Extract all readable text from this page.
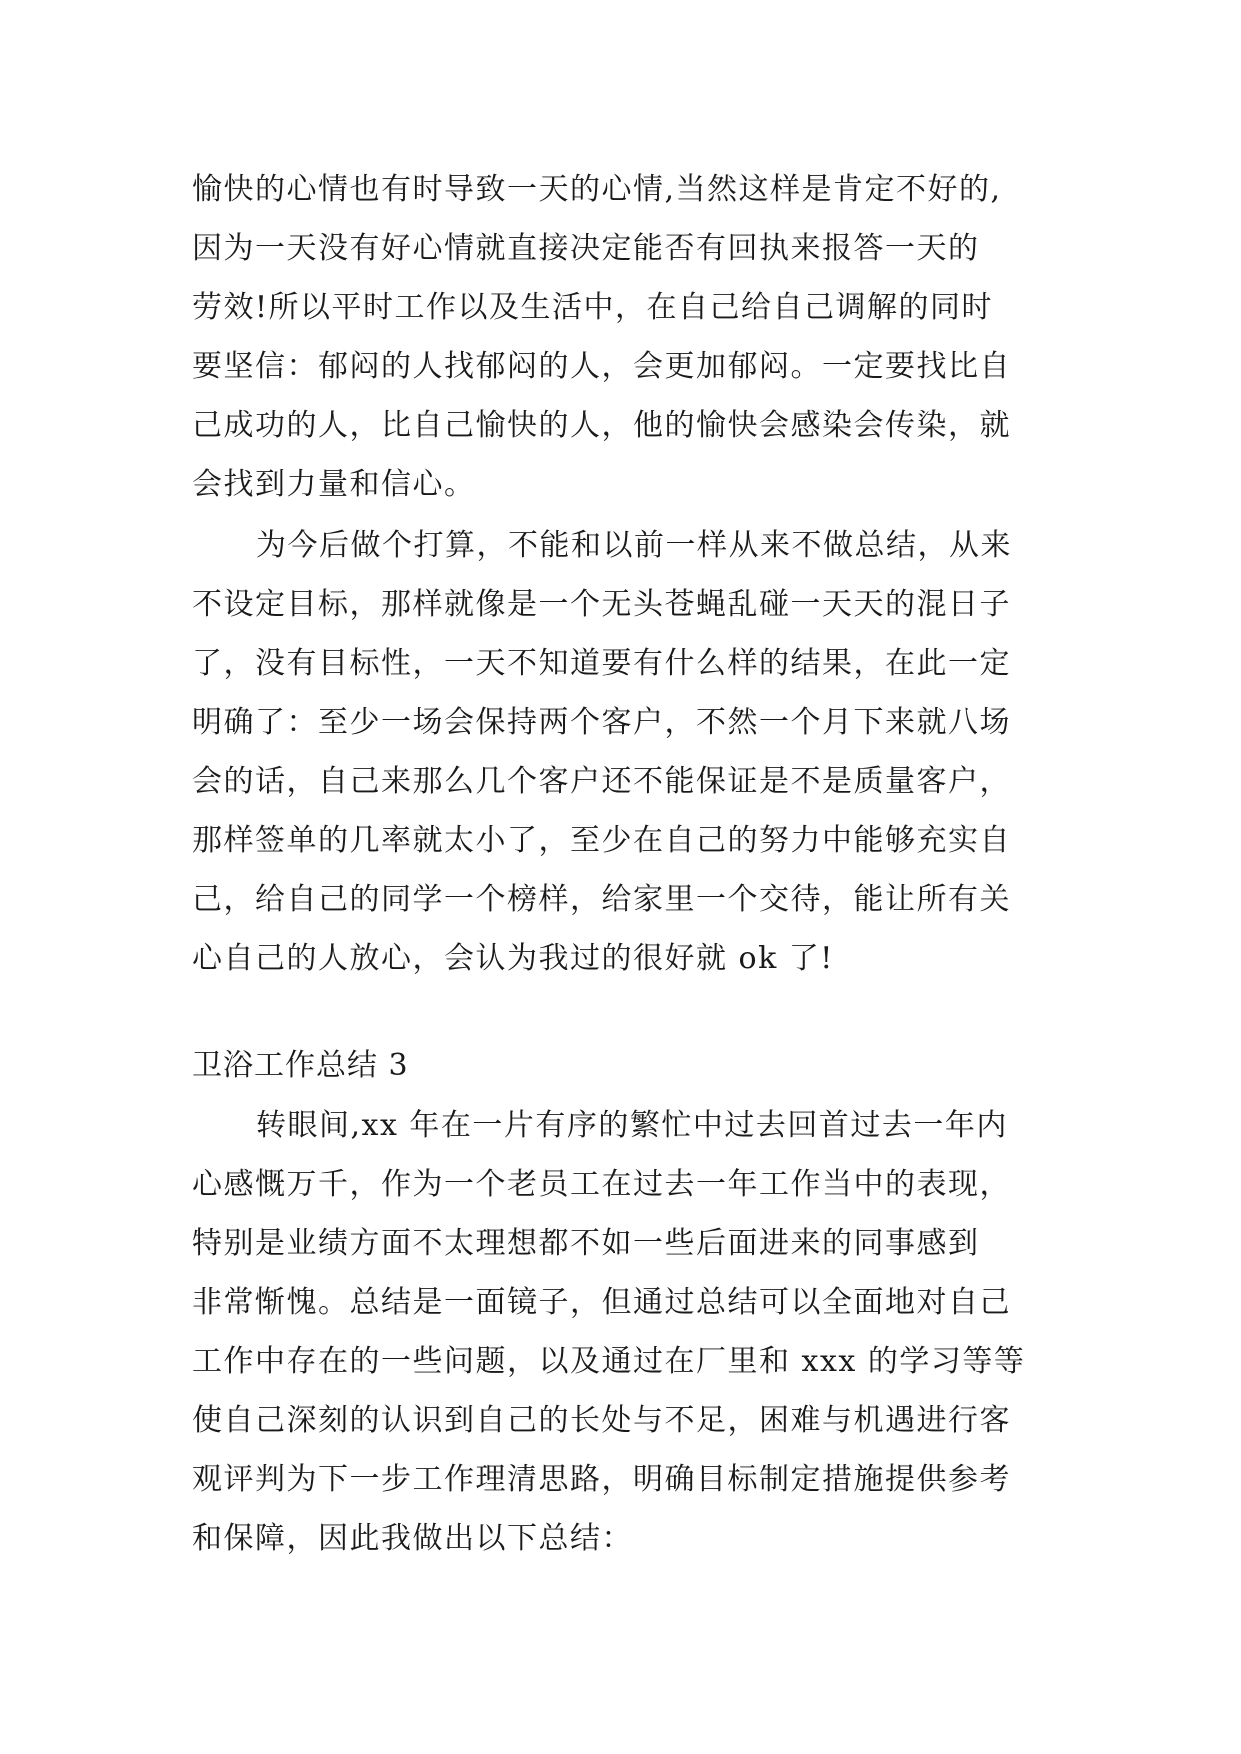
愉快的心情也有时导致一天的心情,当然这样是肯定不好的,
因为一天没有好心情就直接决定能否有回执来报答一天的
劳效!所以平时工作以及生活中，在自己给自己调解的同时
要坚信：郁闷的人找郁闷的人，会更加郁闷。一定要找比自
己成功的人，比自己愉快的人，他的愉快会感染会传染，就
会找到力量和信心。
为今后做个打算，不能和以前一样从来不做总结，从来
不设定目标，那样就像是一个无头苍蝇乱碰一天天的混日子
了，没有目标性，一天不知道要有什么样的结果，在此一定
明确了：至少一场会保持两个客户，不然一个月下来就八场
会的话，自己来那么几个客户还不能保证是不是质量客户，
那样签单的几率就太小了，至少在自己的努力中能够充实自
己，给自己的同学一个榜样，给家里一个交待，能让所有关
心自己的人放心，会认为我过的很好就 ok 了!
卫浴工作总结 3
转眼间,xx 年在一片有序的繁忙中过去回首过去一年内
心感慨万千，作为一个老员工在过去一年工作当中的表现，
特别是业绩方面不太理想都不如一些后面进来的同事感到
非常惭愧。总结是一面镜子，但通过总结可以全面地对自己
工作中存在的一些问题，以及通过在厂里和 xxx 的学习等等
使自己深刻的认识到自己的长处与不足，困难与机遇进行客
观评判为下一步工作理清思路，明确目标制定措施提供参考
和保障，因此我做出以下总结：
